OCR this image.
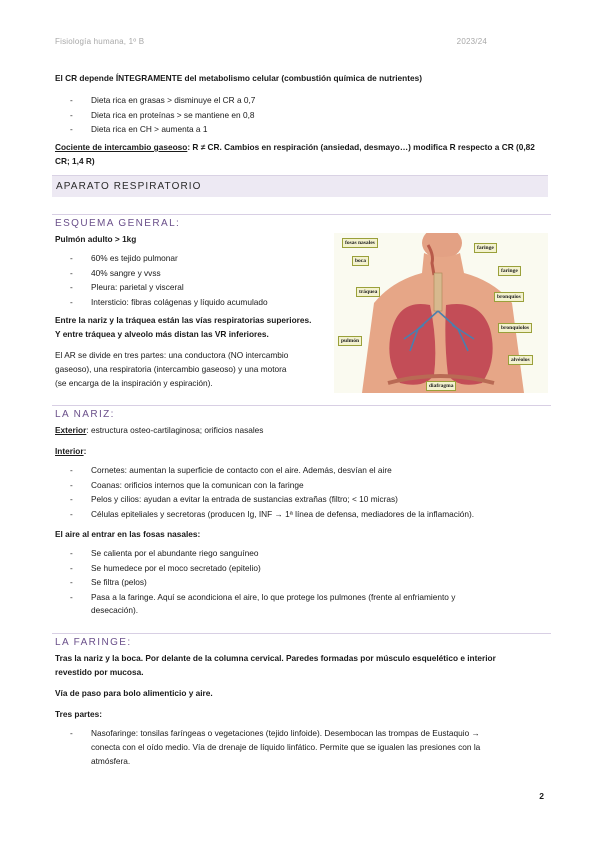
Fisiología humana, 1º B	2023/24
El CR depende ÍNTEGRAMENTE del metabolismo celular (combustión química de nutrientes)
- Dieta rica en grasas > disminuye el CR a 0,7
- Dieta rica en proteínas > se mantiene en 0,8
- Dieta rica en CH > aumenta a 1
Cociente de intercambio gaseoso: R ≠ CR. Cambios en respiración (ansiedad, desmayo…) modifica R respecto a CR (0,82
CR; 1,4 R)
APARATO RESPIRATORIO
ESQUEMA GENERAL:
Pulmón adulto > 1kg
- 60% es tejido pulmonar
- 40% sangre y vvss
- Pleura: parietal y visceral
- Intersticio: fibras colágenas y líquido acumulado
Entre la nariz y la tráquea están las vías respiratorias superiores.
Y entre tráquea y alveolo más distan las VR inferiores.
El AR se divide en tres partes: una conductora (NO intercambio
gaseoso), una respiratoria (intercambio gaseoso) y una motora
(se encarga de la inspiración y espiración).
fosas nasales
boca
tráquea
pulmón
faringe
faringe
bronquios
bronquiolos
alvéolos
diafragma
LA NARIZ:
Exterior: estructura osteo-cartilaginosa; orificios nasales
Interior:
- Cornetes: aumentan la superficie de contacto con el aire. Además, desvían el aire
- Coanas: orificios internos que la comunican con la faringe
- Pelos y cilios: ayudan a evitar la entrada de sustancias extrañas (filtro; < 10 micras)
- Células epiteliales y secretoras (producen Ig, INF → 1ª línea de defensa, mediadores de la inflamación).
El aire al entrar en las fosas nasales:
- Se calienta por el abundante riego sanguíneo
- Se humedece por el moco secretado (epitelio)
- Se filtra (pelos)
- Pasa a la faringe. Aquí se acondiciona el aire, lo que protege los pulmones (frente al enfriamiento y
desecación).
LA FARINGE:
Tras la nariz y la boca. Por delante de la columna cervical. Paredes formadas por músculo esquelético e interior
revestido por mucosa.
Vía de paso para bolo alimenticio y aire.
Tres partes:
- Nasofaringe: tonsilas faríngeas o vegetaciones (tejido linfoide). Desembocan las trompas de Eustaquio →
conecta con el oído medio. Vía de drenaje de líquido linfático. Permite que se igualen las presiones con la
atmósfera.
2
